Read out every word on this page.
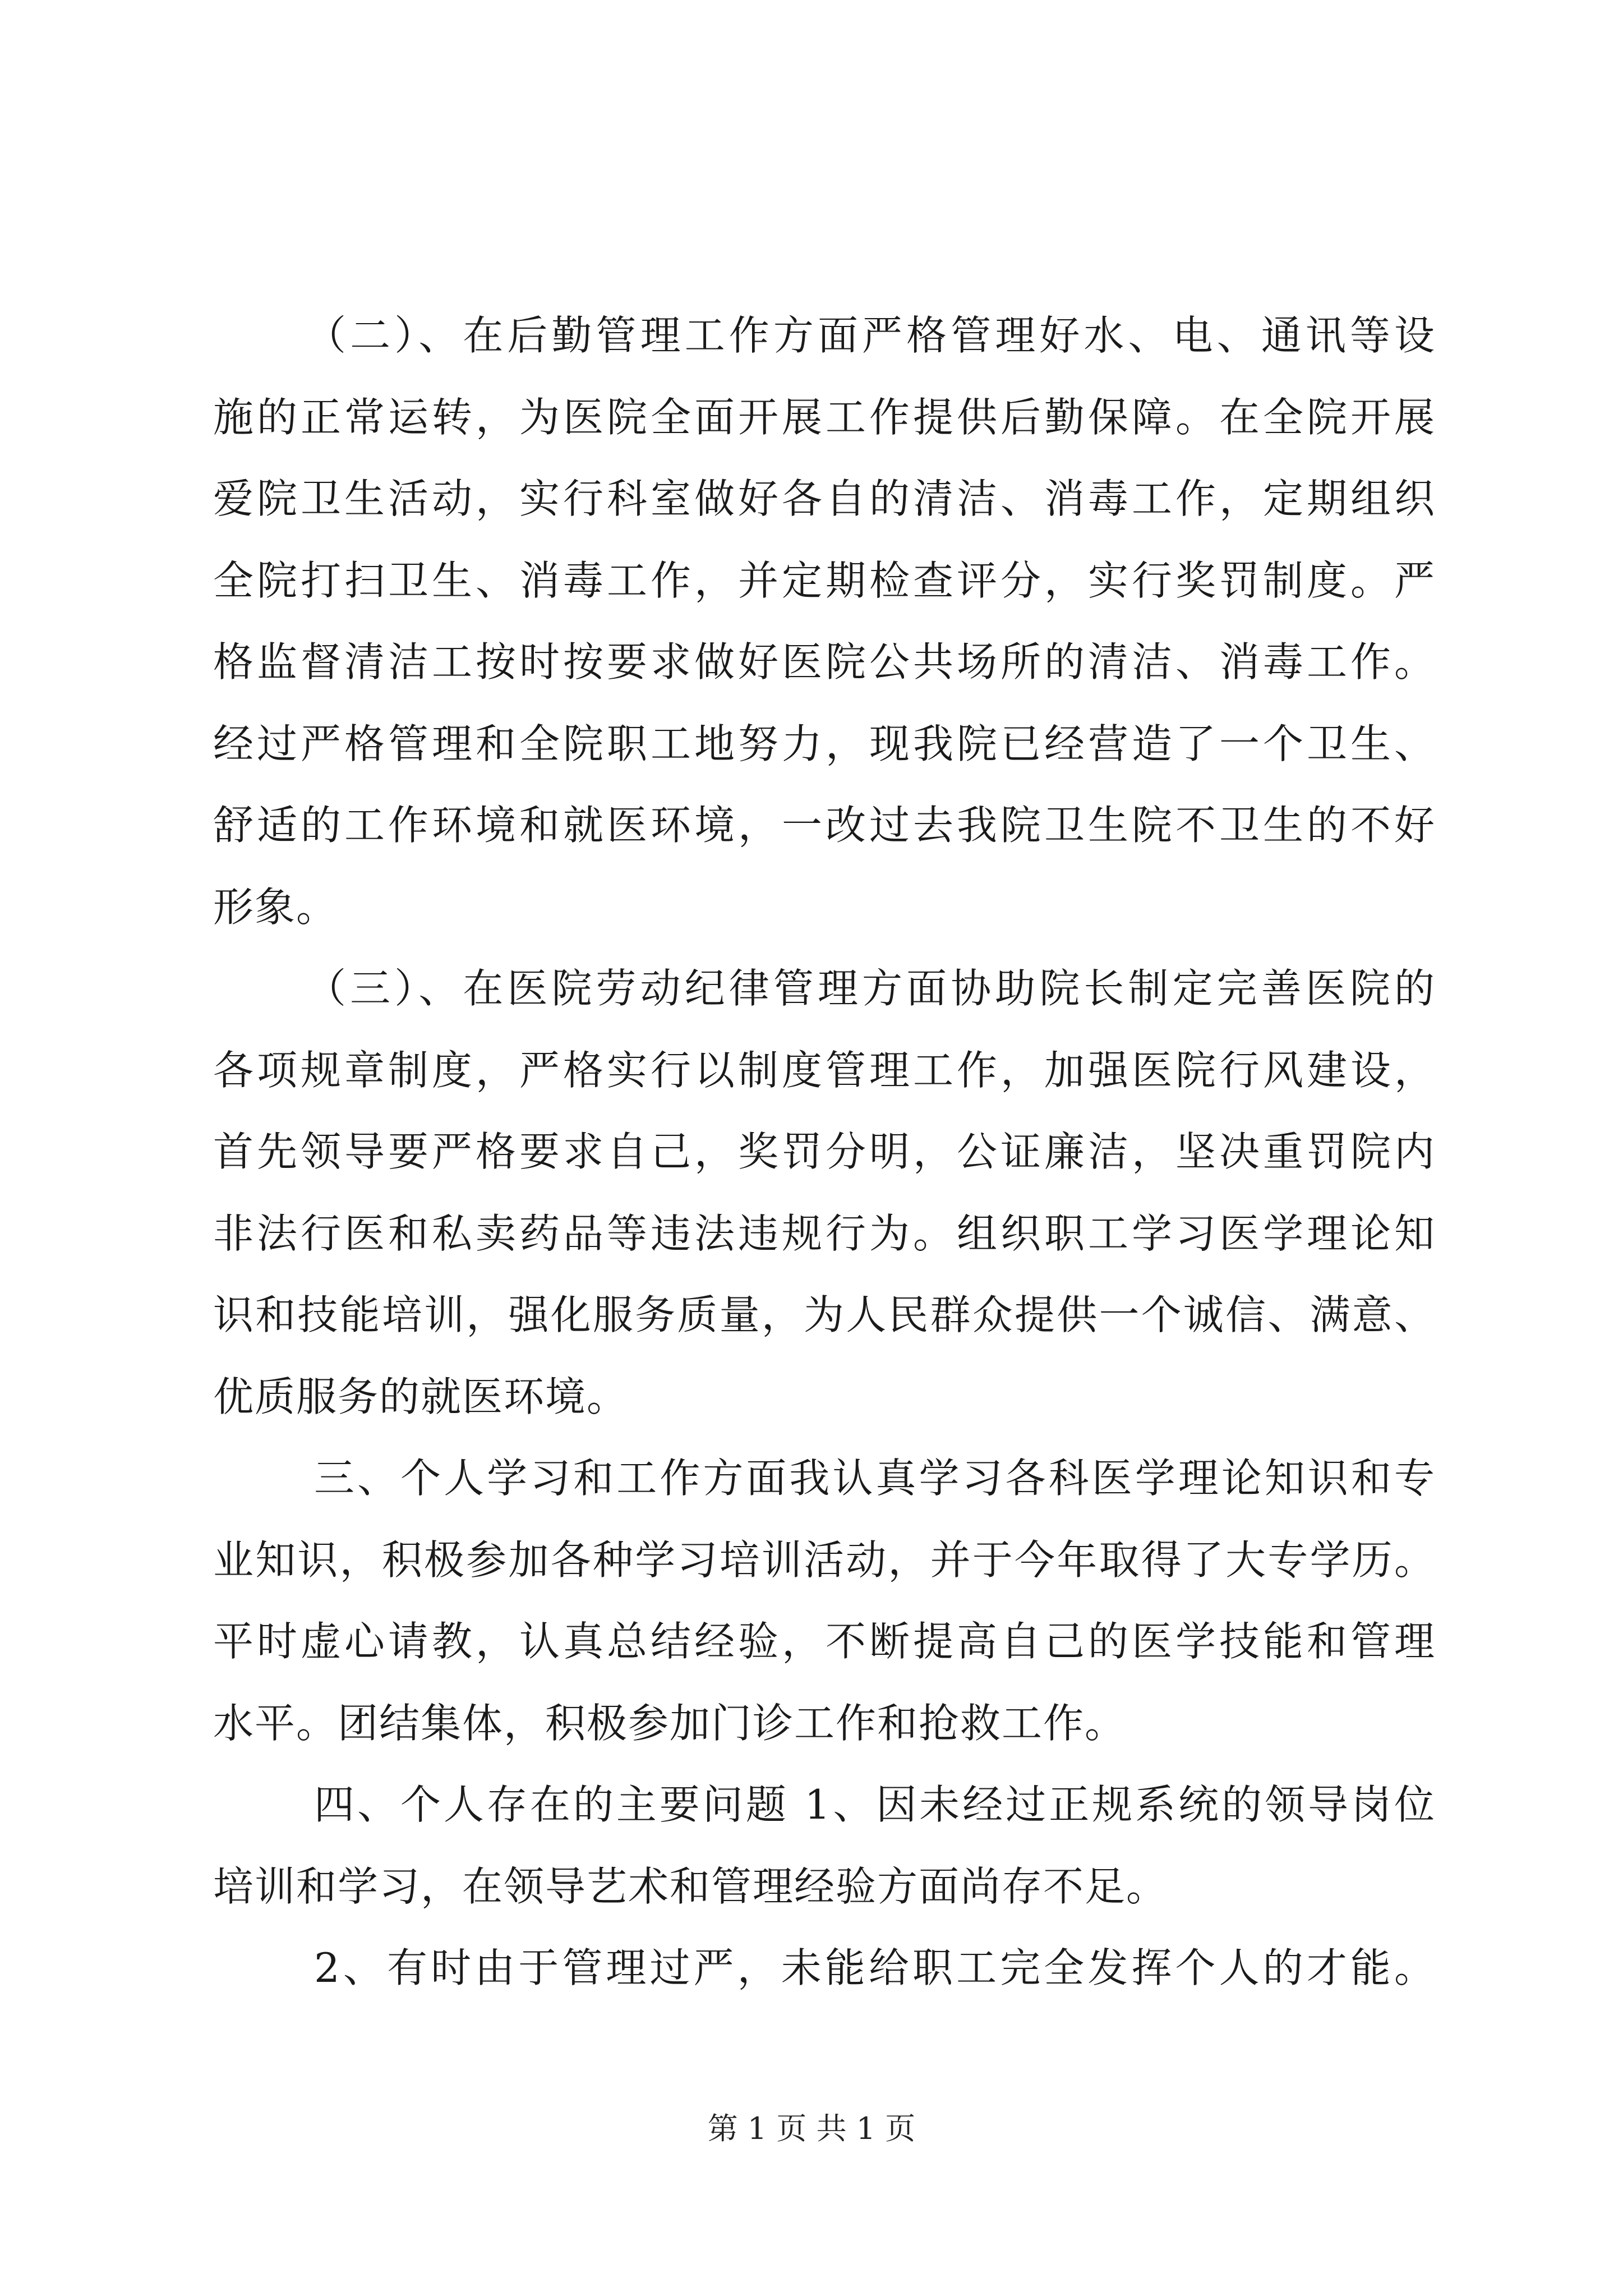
（二）、在后勤管理工作方面严格管理好水、电、通讯等设
施的正常运转，为医院全面开展工作提供后勤保障。在全院开展
爱院卫生活动，实行科室做好各自的清洁、消毒工作，定期组织
全院打扫卫生、消毒工作，并定期检查评分，实行奖罚制度。严
格监督清洁工按时按要求做好医院公共场所的清洁、消毒工作。
经过严格管理和全院职工地努力，现我院已经营造了一个卫生、
舒适的工作环境和就医环境，一改过去我院卫生院不卫生的不好
形象。
（三）、在医院劳动纪律管理方面协助院长制定完善医院的
各项规章制度，严格实行以制度管理工作，加强医院行风建设，
首先领导要严格要求自己，奖罚分明，公证廉洁，坚决重罚院内
非法行医和私卖药品等违法违规行为。组织职工学习医学理论知
识和技能培训，强化服务质量，为人民群众提供一个诚信、满意、
优质服务的就医环境。
三、个人学习和工作方面我认真学习各科医学理论知识和专
业知识，积极参加各种学习培训活动，并于今年取得了大专学历。
平时虚心请教，认真总结经验，不断提高自己的医学技能和管理
水平。团结集体，积极参加门诊工作和抢救工作。
四、个人存在的主要问题 1、因未经过正规系统的领导岗位
培训和学习，在领导艺术和管理经验方面尚存不足。
2、有时由于管理过严，未能给职工完全发挥个人的才能。
第 1 页 共 1 页
